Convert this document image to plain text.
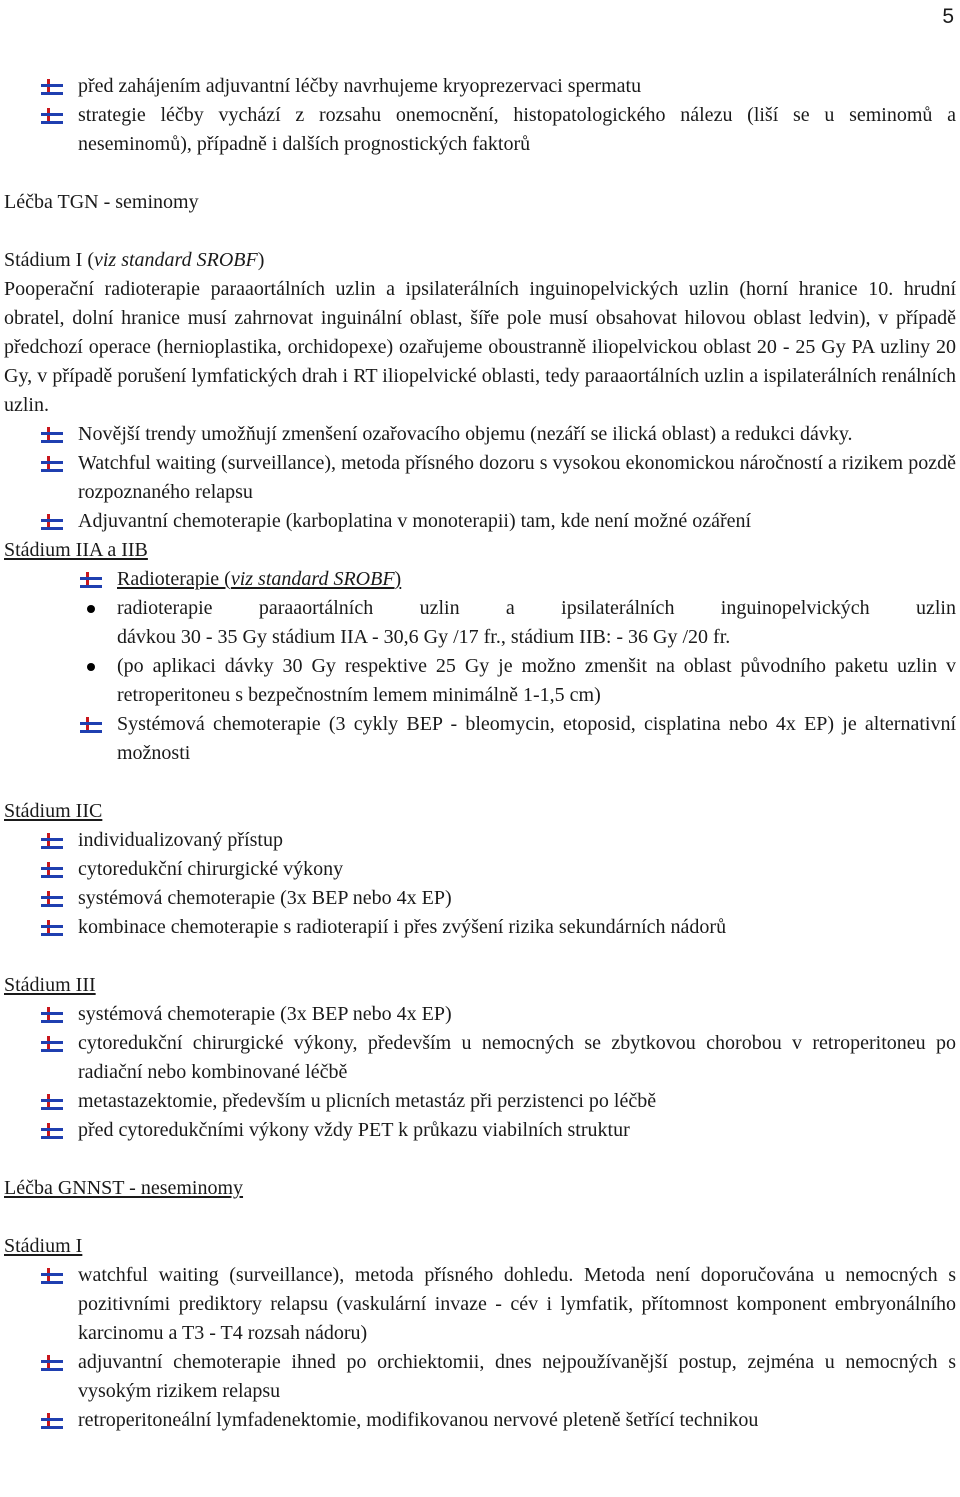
5
před zahájením adjuvantní léčby navrhujeme kryoprezervaci spermatu
strategie léčby vychází z rozsahu onemocnění, histopatologického nálezu (liší se u seminomů a neseminomů), případně i dalších prognostických faktorů

Léčba TGN - seminomy

Stádium I (viz standard SROBF)

Pooperační radioterapie paraaortálních uzlin a ipsilaterálních inguinopelvických uzlin (horní hranice 10. hrudní obratel, dolní hranice musí zahrnovat inguinální oblast, šíře pole musí obsahovat hilovou oblast ledvin), v případě předchozí operace (hernioplastika, orchidopexe) ozařujeme oboustranně iliopelvickou oblast 20 - 25 Gy PA uzliny 20 Gy, v případě porušení lymfatických drah i RT iliopelvické oblasti, tedy paraaortálních uzlin a ispilaterálních renálních uzlin.

Novější trendy umožňují zmenšení ozařovacího objemu (nezáří se ilická oblast) a redukci dávky.
Watchful waiting (surveillance), metoda přísného dozoru s vysokou ekonomickou náročností a rizikem pozdě rozpoznaného relapsu
Adjuvantní chemoterapie (karboplatina v monoterapii) tam, kde není možné ozáření

Stádium IIA a IIB

Radioterapie (viz standard SROBF)
radioterapie paraaortálních uzlin a ipsilaterálních inguinopelvických uzlin
dávkou 30 - 35 Gy stádium IIA - 30,6 Gy /17 fr., stádium IIB: - 36 Gy /20 fr.
(po aplikaci dávky 30 Gy respektive 25 Gy je možno zmenšit na oblast původního paketu uzlin v retroperitoneu s bezpečnostním lemem minimálně 1-1,5 cm)
Systémová chemoterapie (3 cykly BEP - bleomycin, etoposid, cisplatina nebo 4x EP) je alternativní možnosti

Stádium IIC

individualizovaný přístup
cytoredukční chirurgické výkony
systémová chemoterapie (3x BEP nebo 4x EP)
kombinace chemoterapie s radioterapií i přes zvýšení rizika sekundárních nádorů

Stádium III

systémová chemoterapie (3x BEP nebo 4x EP)
cytoredukční chirurgické výkony, především u nemocných se zbytkovou chorobou v retroperitoneu po radiační nebo kombinované léčbě
metastazektomie, především u plicních metastáz při perzistenci po léčbě
před cytoredukčními výkony vždy PET k průkazu viabilních struktur

Léčba GNNST - neseminomy

Stádium I

watchful waiting (surveillance), metoda přísného dohledu. Metoda není doporučována u nemocných s pozitivními prediktory relapsu (vaskulární invaze - cév i lymfatik, přítomnost komponent embryonálního karcinomu a T3 - T4 rozsah nádoru)
adjuvantní chemoterapie ihned po orchiektomii, dnes nejpoužívanější postup, zejména u nemocných s vysokým rizikem relapsu
retroperitoneální lymfadenektomie, modifikovanou nervové pleteně šetřící technikou
